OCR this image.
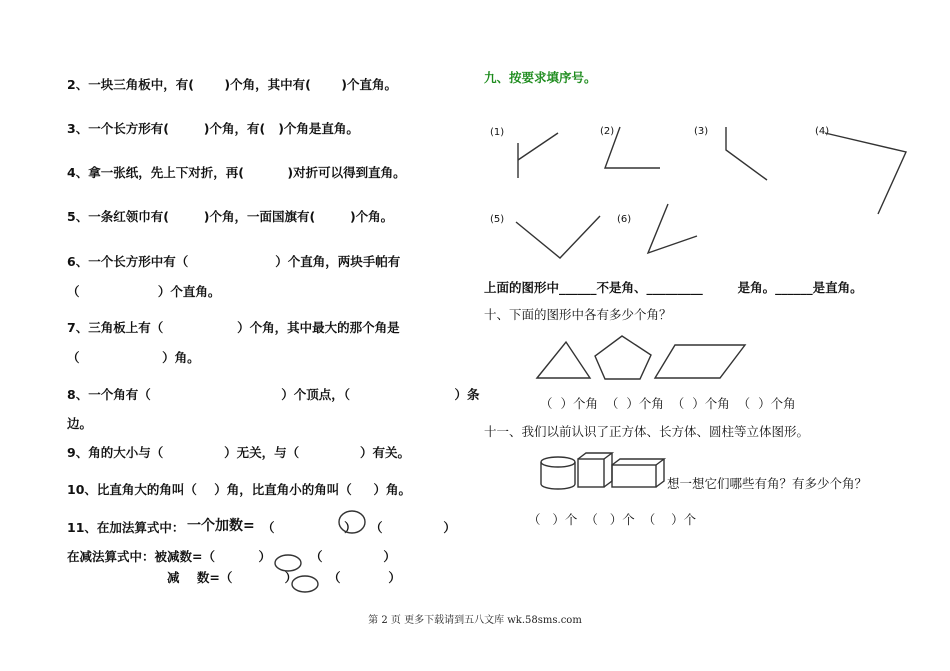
2、一块三角板中，有(       )个角，其中有(       )个直角。
3、一个长方形有(        )个角，有(   )个角是直角。
4、拿一张纸，先上下对折，再(          )对折可以得到直角。
5、一条红领巾有(        )个角，一面国旗有(        )个角。
6、一个长方形中有（                    ）个直角，两块手帕有
（                  ）个直角。
7、三角板上有（                 ）个角，其中最大的那个角是
（                   ）角。
8、一个角有（                              ）个顶点，（                        ）条
边。
9、角的大小与（              ）无关，与（              ）有关。
10、比直角大的角叫（    ）角，比直角小的角叫（     ）角。
11、在加法算式中： 一个加数= （                ） （              ）
在减法算式中：被减数=（          ）	（              ）
减    数=（            ） （           ）
九、按要求填序号。
(1)	(2)	(3)	(4)
(5)	(6)
上面的图形中______不是角、_________        是角。______是直角。
十、下面的图形中各有多少个角？
（  ）个角  （  ）个角  （  ）个角  （  ）个角
十一、我们以前认识了正方体、长方体、圆柱等立体图形。
想一想它们哪些有角？有多少个角？
（   ）个  （   ）个  （    ）个
第 2 页 更多下载请到五八文库 wk.58sms.com
